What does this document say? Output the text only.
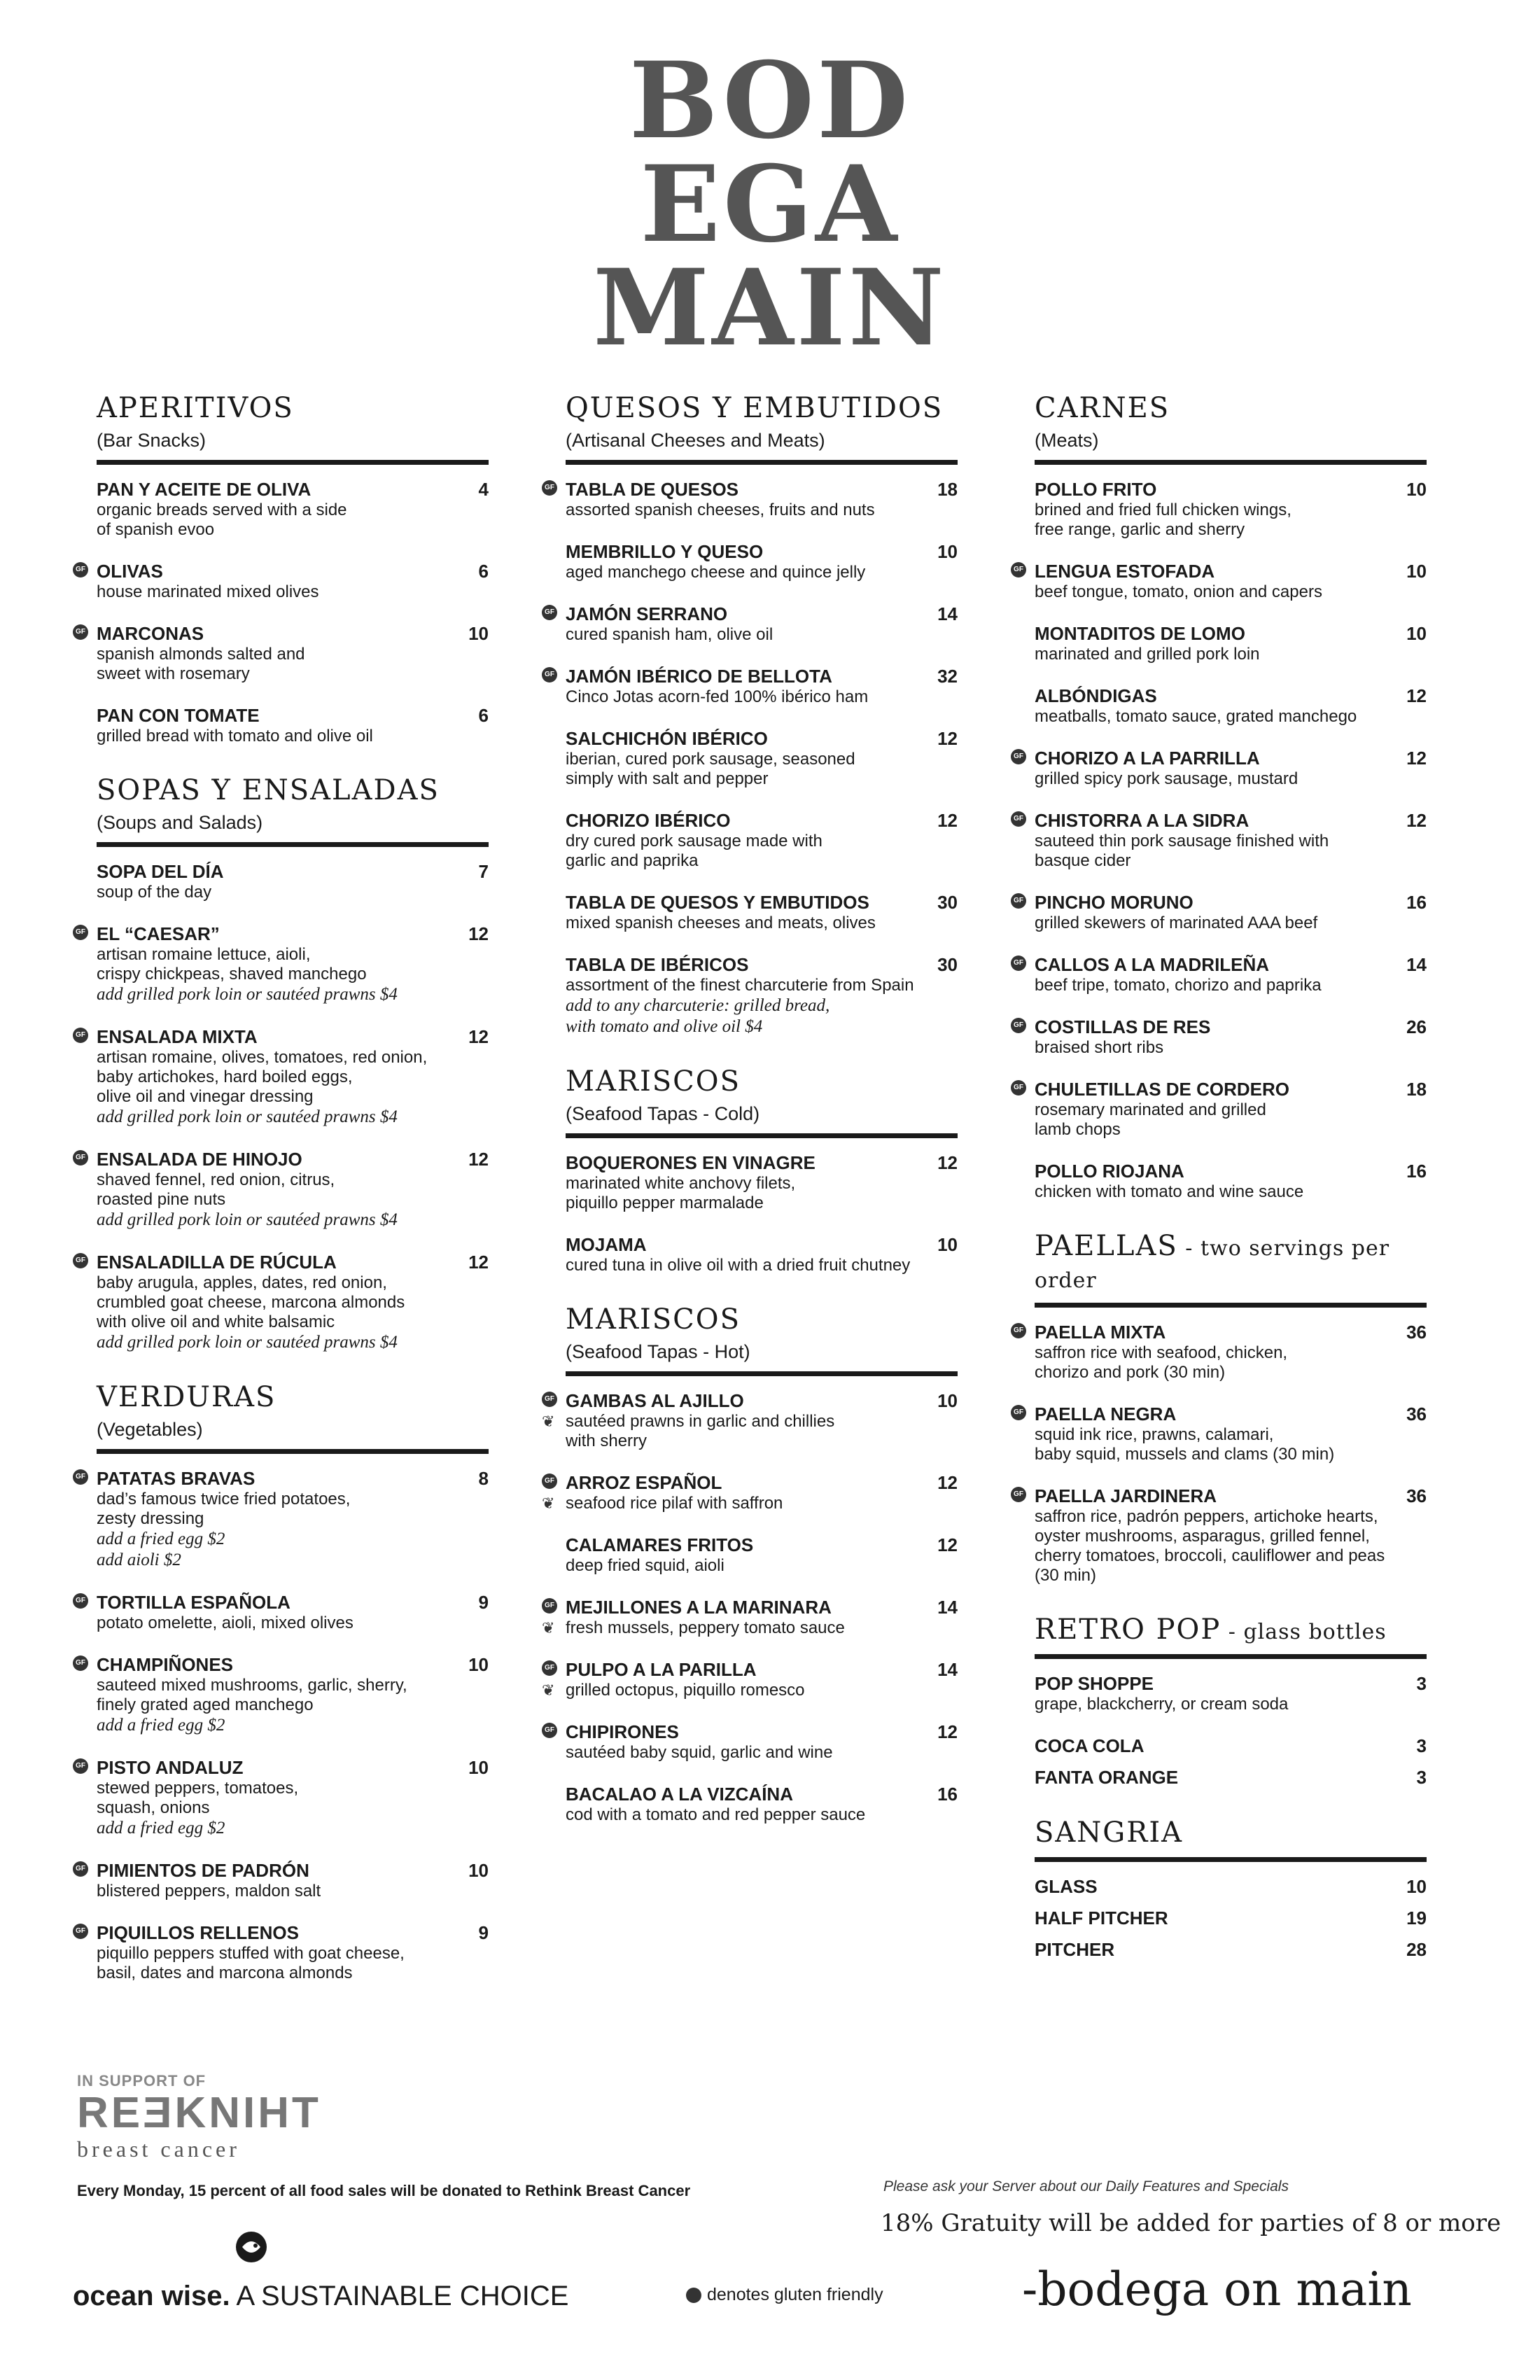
BOD
EGA
MAIN
APERITIVOS
(Bar Snacks)
PAN Y ACEITE DE OLIVA	4
organic breads served with a side
of spanish evoo
GF OLIVAS	6
house marinated mixed olives
GF MARCONAS	10
spanish almonds salted and
sweet with rosemary
PAN CON TOMATE	6
grilled bread with tomato and olive oil
SOPAS Y ENSALADAS
(Soups and Salads)
SOPA DEL DÍA	7
soup of the day
GF EL “CAESAR”	12
artisan romaine lettuce, aioli,
crispy chickpeas, shaved manchego
add grilled pork loin or sautéed prawns $4
GF ENSALADA MIXTA	12
artisan romaine, olives, tomatoes, red onion,
baby artichokes, hard boiled eggs,
olive oil and vinegar dressing
add grilled pork loin or sautéed prawns $4
GF ENSALADA DE HINOJO	12
shaved fennel, red onion, citrus,
roasted pine nuts
add grilled pork loin or sautéed prawns $4
GF ENSALADILLA DE RÚCULA	12
baby arugula, apples, dates, red onion,
crumbled goat cheese, marcona almonds
with olive oil and white balsamic
add grilled pork loin or sautéed prawns $4
VERDURAS
(Vegetables)
GF PATATAS BRAVAS	8
dad’s famous twice fried potatoes,
zesty dressing
add a fried egg $2
add aioli $2
GF TORTILLA ESPAÑOLA	9
potato omelette, aioli, mixed olives
GF CHAMPIÑONES	10
sauteed mixed mushrooms, garlic, sherry,
finely grated aged manchego
add a fried egg $2
GF PISTO ANDALUZ	10
stewed peppers, tomatoes,
squash, onions
add a fried egg $2
GF PIMIENTOS DE PADRÓN	10
blistered peppers, maldon salt
GF PIQUILLOS RELLENOS	9
piquillo peppers stuffed with goat cheese,
basil, dates and marcona almonds
QUESOS Y EMBUTIDOS
(Artisanal Cheeses and Meats)
GF TABLA DE QUESOS	18
assorted spanish cheeses, fruits and nuts
MEMBRILLO Y QUESO	10
aged manchego cheese and quince jelly
GF JAMÓN SERRANO	14
cured spanish ham, olive oil
GF JAMÓN IBÉRICO DE BELLOTA	32
Cinco Jotas acorn-fed 100% ibérico ham
SALCHICHÓN IBÉRICO	12
iberian, cured pork sausage, seasoned
simply with salt and pepper
CHORIZO IBÉRICO	12
dry cured pork sausage made with
garlic and paprika
TABLA DE QUESOS Y EMBUTIDOS	30
mixed spanish cheeses and meats, olives
TABLA DE IBÉRICOS	30
assortment of the finest charcuterie from Spain
add to any charcuterie: grilled bread,
with tomato and olive oil $4
MARISCOS
(Seafood Tapas - Cold)
BOQUERONES EN VINAGRE	12
marinated white anchovy filets,
piquillo pepper marmalade
MOJAMA	10
cured tuna in olive oil with a dried fruit chutney
MARISCOS
(Seafood Tapas - Hot)
GF
❦
GAMBAS AL AJILLO	10
sautéed prawns in garlic and chillies
with sherry
GF
❦
ARROZ ESPAÑOL	12
seafood rice pilaf with saffron
CALAMARES FRITOS	12
deep fried squid, aioli
GF
❦
MEJILLONES A LA MARINARA	14
fresh mussels, peppery tomato sauce
GF
❦
PULPO A LA PARILLA	14
grilled octopus, piquillo romesco
GF CHIPIRONES	12
sautéed baby squid, garlic and wine
BACALAO A LA VIZCAÍNA	16
cod with a tomato and red pepper sauce
CARNES
(Meats)
POLLO FRITO	10
brined and fried full chicken wings,
free range, garlic and sherry
GF LENGUA ESTOFADA	10
beef tongue, tomato, onion and capers
MONTADITOS DE LOMO	10
marinated and grilled pork loin
ALBÓNDIGAS	12
meatballs, tomato sauce, grated manchego
GF CHORIZO A LA PARRILLA	12
grilled spicy pork sausage, mustard
GF CHISTORRA A LA SIDRA	12
sauteed thin pork sausage finished with
basque cider
GF PINCHO MORUNO	16
grilled skewers of marinated AAA beef
GF CALLOS A LA MADRILEÑA	14
beef tripe, tomato, chorizo and paprika
GF COSTILLAS DE RES	26
braised short ribs
GF CHULETILLAS DE CORDERO	18
rosemary marinated and grilled
lamb chops
POLLO RIOJANA	16
chicken with tomato and wine sauce
PAELLAS - two servings per order
GF PAELLA MIXTA	36
saffron rice with seafood, chicken,
chorizo and pork (30 min)
GF PAELLA NEGRA	36
squid ink rice, prawns, calamari,
baby squid, mussels and clams (30 min)
GF PAELLA JARDINERA	36
saffron rice, padrón peppers, artichoke hearts,
oyster mushrooms, asparagus, grilled fennel,
cherry tomatoes, broccoli, cauliflower and peas (30 min)
RETRO POP - glass bottles
POP SHOPPE	3
grape, blackcherry, or cream soda
COCA COLA	3
FANTA ORANGE	3
SANGRIA
GLASS	10
HALF PITCHER	19
PITCHER	28
IN SUPPORT OF
REƎKNIHT
breast cancer
Every Monday, 15 percent of all food sales will be donated to Rethink Breast Cancer	Please ask your Server about our Daily Features and Specials
18% Gratuity will be added for parties of 8 or more
ocean wise. A SUSTAINABLE CHOICE	denotes gluten friendly	-bodega on main
